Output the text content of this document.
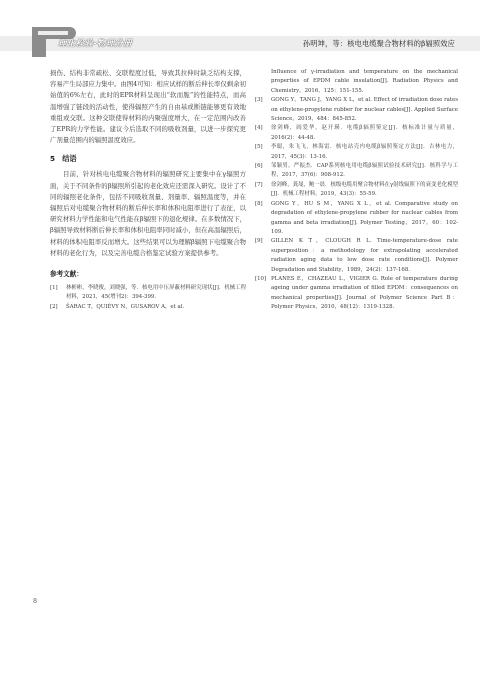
理化检验-物理分册	孙明坤，等：核电电缆聚合物材料的β辐照效应

损伤、结构非常疏松、交联程度过低，导致其拉伸时缺乏结构支撑，容易产生局部应力集中。由图4可知：相应试样的断后伸长率仅剩余初始值的6%左右，此时的EPR材料呈现出“软而脆”的性能特点，而高温增强了链段的活动性，使得辐照产生的自由基或断链能够更有效地重组或交联。这种交联使得材料的内聚强度增大，在一定范围内改善了EPR的力学性能。建议今后选取不同的吸收剂量，以进一步探究更广剂量范围内的辐照温度效应。

5　结语

目前，针对核电电缆聚合物材料的辐照研究主要集中在γ辐照方面，关于不同条件的β辐照所引起的老化效应还需深入研究。设计了不同的辐照老化条件，包括不同吸收剂量、剂量率、辐照温度等，并在辐照后对电缆聚合物材料的断后伸长率和体积电阻率进行了表征，以研究材料力学性能和电气性能在β辐照下的退化规律。在多数情况下，β辐照导致材料断后伸长率和体积电阻率同时减小，但在高温辐照后，材料的体积电阻率反而增大。这些结果可以为理解β辐照下电缆聚合物材料的老化行为，以及完善电缆合格鉴定试验方案提供参考。

参考文献：
[1]	林彬彬，李晓俊，刘晓强，等．核电用中压屏蔽材料研究现状[J]．机械工程材料，2021，45(增刊2)：394-399.
[2]	ŠARAC T，QUIÉVY N，GUSAROV A，et al.
Influence of γ-irradiation and temperature on the mechanical properties of EPDM cable insulation[J]. Radiation Physics and Chemistry，2016，125：151-155.
[3]	GONG Y，TANG J，YANG X L，et al. Effect of irradiation dose rates on ethylene-propylene rubber for nuclear cables[J]. Applied Surface Science，2019，484：845-852.
[4]	徐剑峰，阎爱华，赵开瑛．电缆β辐照鉴定[J]．核标准计量与质量，2016(2)：44-48.
[5]	李聪，朱飞飞，林海雷．核电站壳内电缆β辐照鉴定方法[J]．吉林电力，2017，45(3)：13-16.
[6]	邹颖男，严振杰．CAP系列核电用电缆β辐照试验技术研究[J]．核科学与工程，2017，37(6)：908-912.
[7]	徐剑峰，龚晟，鲍一晨．核级电缆用聚合物材料在γ射线辐照下的衰变老化模型[J]．机械工程材料，2019，43(3)：55-59.
[8]	GONG Y，HU S M，YANG X L，et al. Comparative study on degradation of ethylene-propylene rubber for nuclear cables from gamma and beta irradiation[J]. Polymer Testing，2017，60：102-109.
[9]	GILLEN K T，CLOUGH R L. Time-temperature-dose rate superposition：a methodology for extrapolating accelerated radiation aging data to low dose rate conditions[J]. Polymer Degradation and Stability，1989，24(2)：137-168.
[10] PLANES E，CHAZEAU L，VIGIER G. Role of temperature during ageing under gamma irradiation of filled EPDM：consequences on mechanical properties[J]. Journal of Polymer Science Part B：Polymer Physics，2010，48(12)：1319-1328.
8
